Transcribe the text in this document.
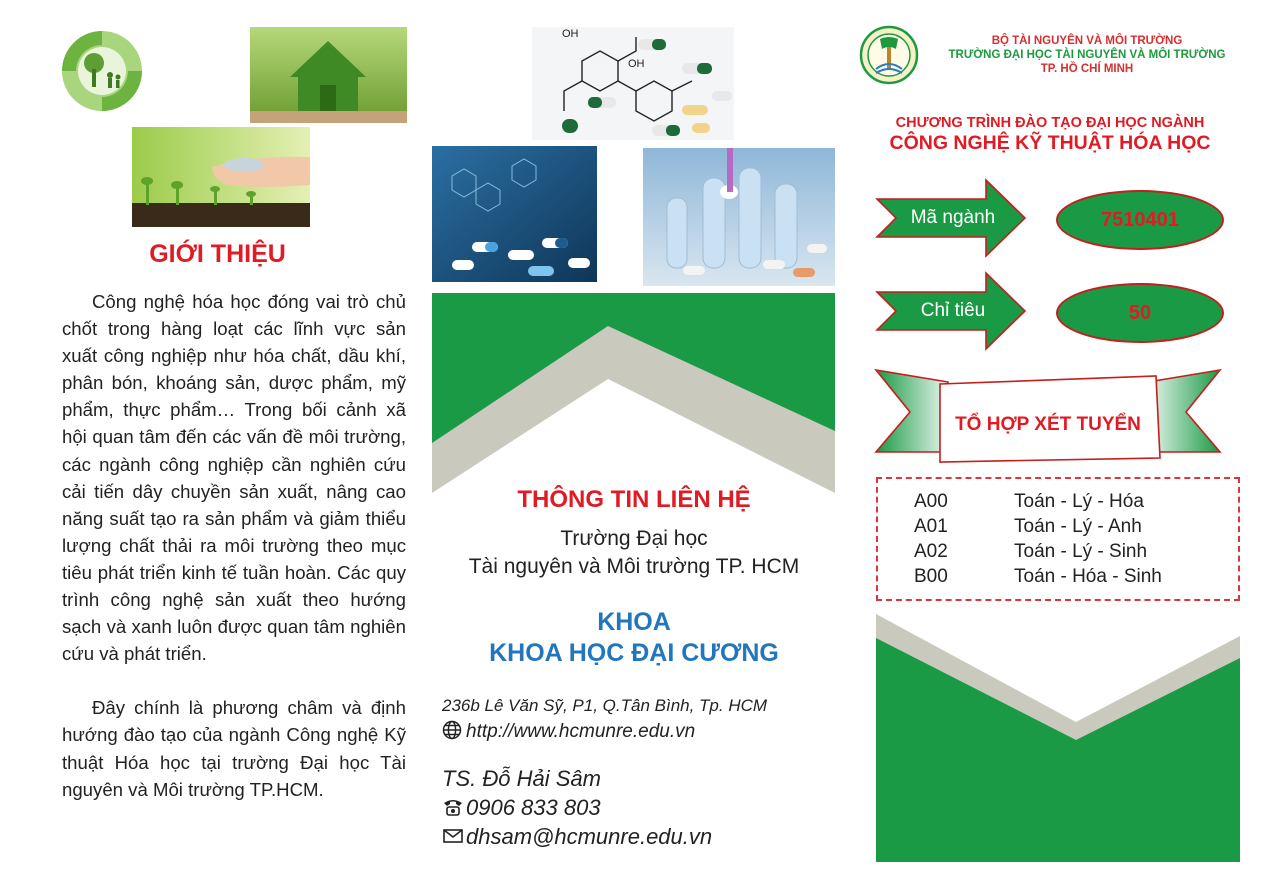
GIỚI THIỆU

Công nghệ hóa học đóng vai trò chủ chốt trong hàng loạt các lĩnh vực sản xuất công nghiệp như hóa chất, dầu khí, phân bón, khoáng sản, dược phẩm, mỹ phẩm, thực phẩm… Trong bối cảnh xã hội quan tâm đến các vấn đề môi trường, các ngành công nghiệp cần nghiên cứu cải tiến dây chuyền sản xuất, nâng cao năng suất tạo ra sản phẩm và giảm thiểu lượng chất thải ra môi trường theo mục tiêu phát triển kinh tế tuần hoàn. Các quy trình công nghệ sản xuất theo hướng sạch và xanh luôn được quan tâm nghiên cứu và phát triển.

Đây chính là phương châm và định hướng đào tạo của ngành Công nghệ Kỹ thuật Hóa học tại trường Đại học Tài nguyên và Môi trường TP.HCM.

OH
OH
THÔNG TIN LIÊN HỆ
Trường Đại học
Tài nguyên và Môi trường TP. HCM
KHOA
KHOA HỌC ĐẠI CƯƠNG
236b Lê Văn Sỹ, P1, Q.Tân Bình, Tp. HCM
http://www.hcmunre.edu.vn
TS. Đỗ Hải Sâm
0906 833 803
dhsam@hcmunre.edu.vn
BỘ TÀI NGUYÊN VÀ MÔI TRƯỜNG
TRƯỜNG ĐẠI HỌC TÀI NGUYÊN VÀ MÔI TRƯỜNG
TP. HỒ CHÍ MINH
CHƯƠNG TRÌNH ĐÀO TẠO ĐẠI HỌC NGÀNH
CÔNG NGHỆ KỸ THUẬT HÓA HỌC
Mã ngành	7510401
Chỉ tiêu	50
TỔ HỢP XÉT TUYỂN
A00	Toán - Lý - Hóa
A01	Toán - Lý - Anh
A02	Toán - Lý - Sinh
B00	Toán - Hóa - Sinh
